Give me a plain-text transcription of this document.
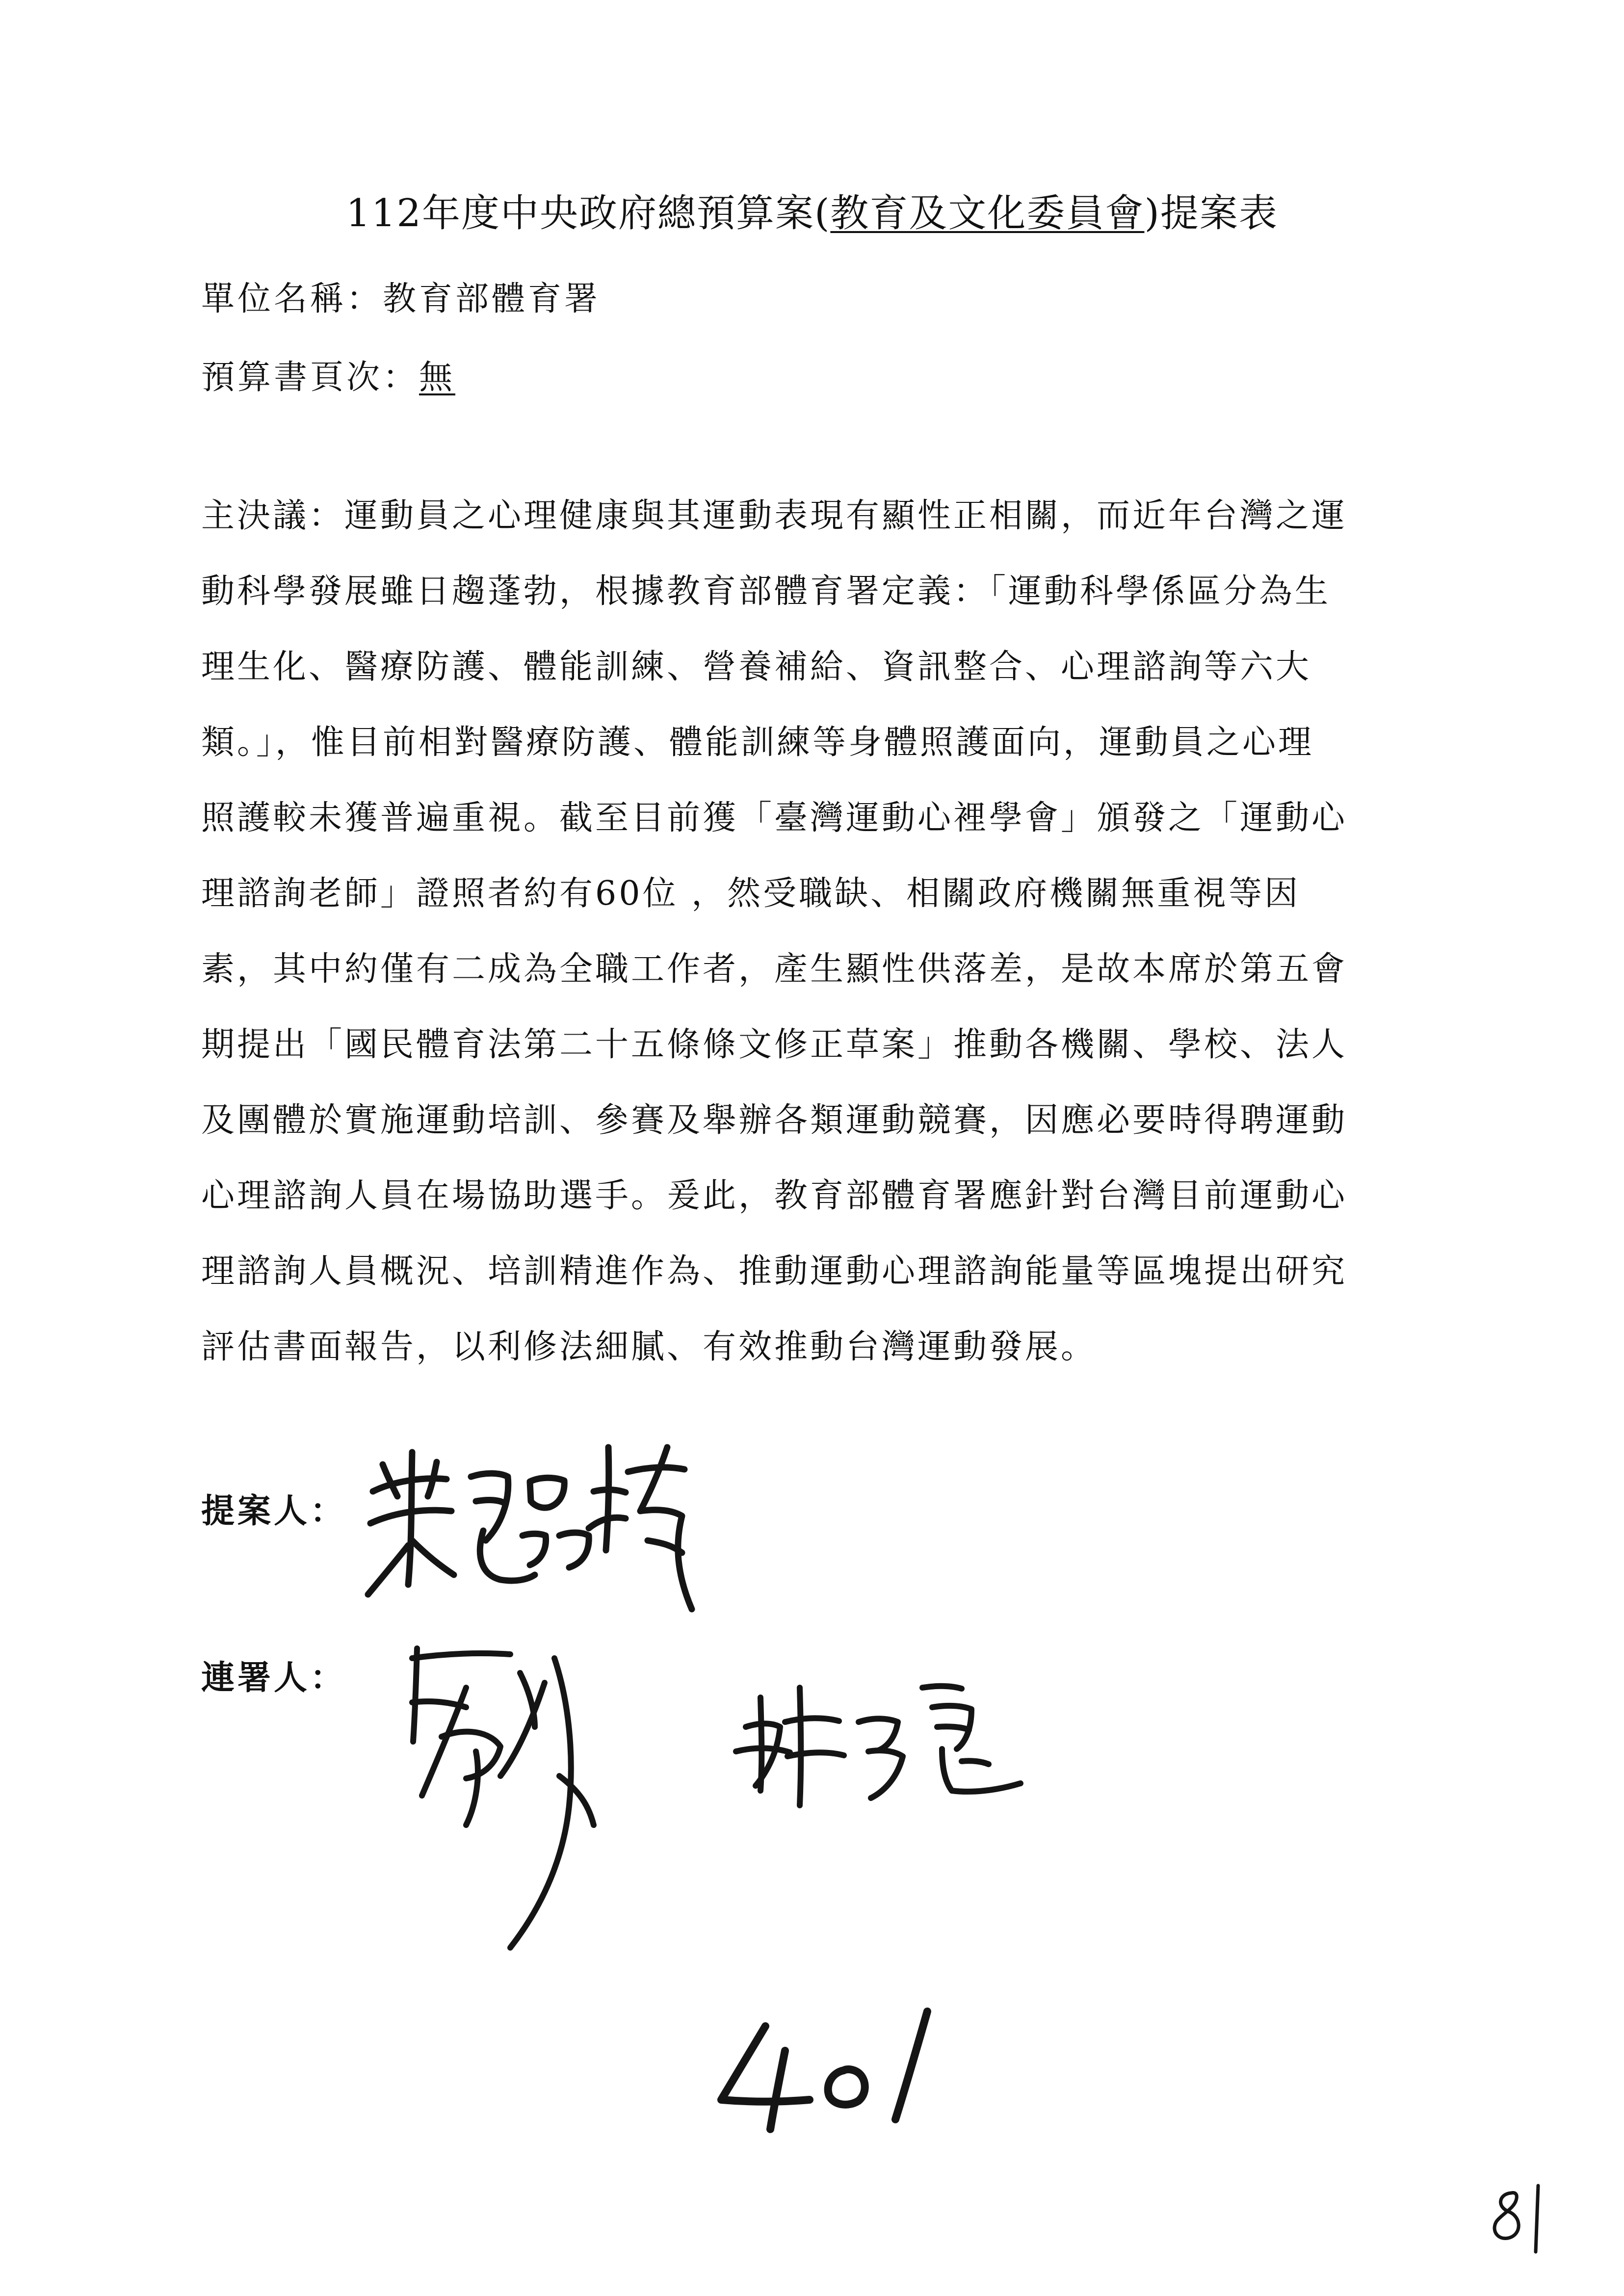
112年度中央政府總預算案(教育及文化委員會)提案表
單位名稱：教育部體育署
預算書頁次：無
主決議：運動員之心理健康與其運動表現有顯性正相關，而近年台灣之運
動科學發展雖日趨蓬勃，根據教育部體育署定義：「運動科學係區分為生
理生化、醫療防護、體能訓練、營養補給、資訊整合、心理諮詢等六大
類。」，惟目前相對醫療防護、體能訓練等身體照護面向，運動員之心理
照護較未獲普遍重視。截至目前獲「臺灣運動心裡學會」頒發之「運動心
理諮詢老師」證照者約有60位 ，然受職缺、相關政府機關無重視等因
素，其中約僅有二成為全職工作者，產生顯性供落差，是故本席於第五會
期提出「國民體育法第二十五條條文修正草案」推動各機關、學校、法人
及團體於實施運動培訓、參賽及舉辦各類運動競賽，因應必要時得聘運動
心理諮詢人員在場協助選手。爰此，教育部體育署應針對台灣目前運動心
理諮詢人員概況、培訓精進作為、推動運動心理諮詢能量等區塊提出研究
評估書面報告，以利修法細膩、有效推動台灣運動發展。
提案人：
連署人：
